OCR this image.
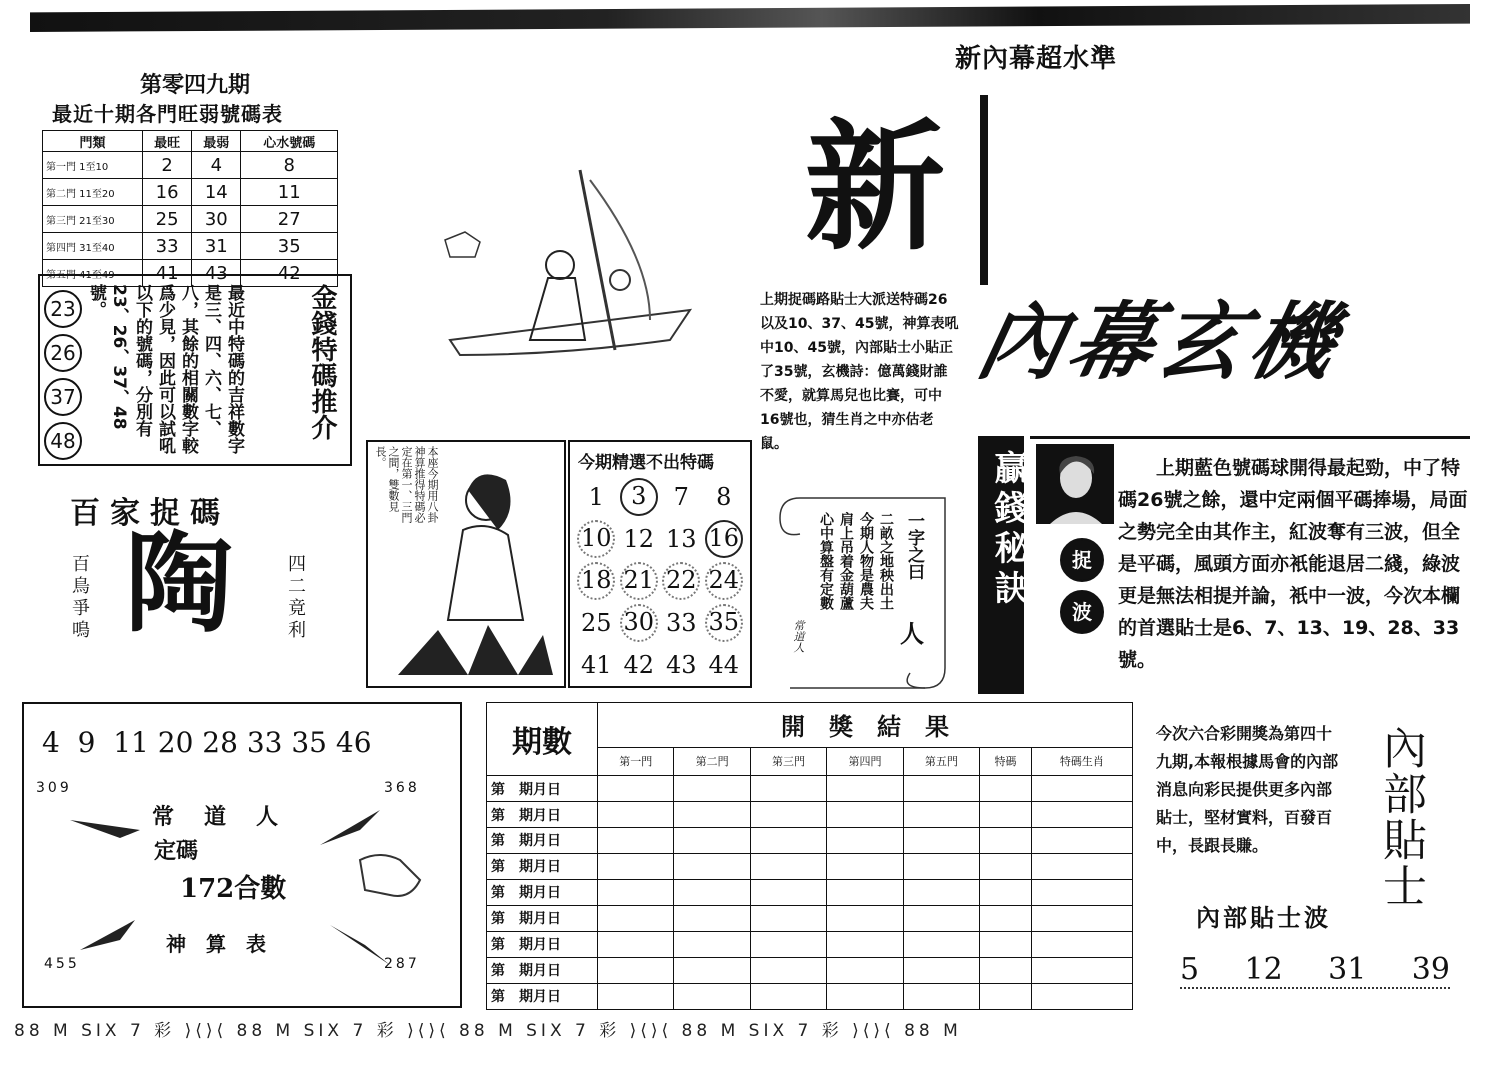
新內幕超水準
第零四九期
最近十期各門旺弱號碼表
門類	最旺	最弱	心水號碼
第一門 1至10	2	4	8
第二門 11至20	16	14	11
第三門 21至30	25	30	27
第四門 31至40	33	31	35
第五門 41至49	41	43	42
23
26
37
48	最近中特碼的吉祥數字是三、四、六、七、八，其餘的相關數字較爲少見，因此可以試吼以下的號碼，分別有23、26、37、48號。	金錢特碼推介
百家捉碼
陶
百鳥爭鳴	四二竟利
新
上期捉碼路貼士大派送特碼26以及10、37、45號，神算表吼中10、45號，內部貼士小貼正了35號，玄機詩：億萬錢財誰不愛，就算馬兒也比賽，可中16號也，猜生肖之中亦估老鼠。
內幕玄機
本座今期用八卦神算推得特碼必定在第一、三門之間，雙數見長。	今期精選不出特碼
1	3	7	8
10	12	13	16
18	21	22	24
25	30	33	35
41	42	43	44
一字之曰
人
二畝之地秧出土
今期人物是農夫
肩上吊着金葫蘆
心中算盤有定數
常道人
贏錢秘訣	捉
波
上期藍色號碼球開得最起勁，中了特碼26號之餘，還中定兩個平碼捧場，局面之勢完全由其作主，紅波奪有三波，但全是平碼，風頭方面亦衹能退居二綫，綠波更是無法相提并論，衹中一波，今次本欄的首選貼士是6、7、13、19、28、33號。
4  9  11 20 28 33 35 46
309	368
455	287
常道人
定碼
172合數
神算表
期數	開　獎　結　果						
	第一門	第二門	第三門	第四門	第五門	特碼	特碼生肖
第　期月日							
第　期月日							
第　期月日							
第　期月日							
第　期月日							
第　期月日							
第　期月日							
第　期月日							
第　期月日							
今次六合彩開獎為第四十九期,本報根據馬會的內部消息向彩民提供更多內部貼士，堅材實料，百發百中，長跟長賺。	內部貼士
內部貼士波
5 12 31 39
88 M SIX 7 彩 ⟩⟨⟩⟨ 88 M SIX 7 彩 ⟩⟨⟩⟨ 88 M SIX 7 彩 ⟩⟨⟩⟨ 88 M SIX 7 彩 ⟩⟨⟩⟨ 88 M
